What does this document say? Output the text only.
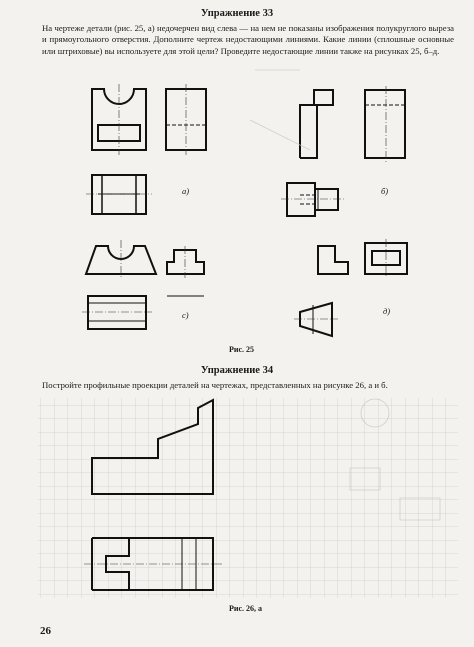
Упражнение 33
На чертеже детали (рис. 25, а) недочерчен вид слева — на нем не показаны изображения полукруглого выреза и прямоугольного отверстия. Дополните чертеж недостающими линиями. Какие линии (сплошные основные или штриховые) вы используете для этой цели? Проведите недостающие линии также на рисунках 25, б–д.
а)	б)
с)	д)
Рис. 25
Упражнение 34
Постройте профильные проекции деталей на чертежах, представленных на рисунке 26, а и б.
Рис. 26, а
26
